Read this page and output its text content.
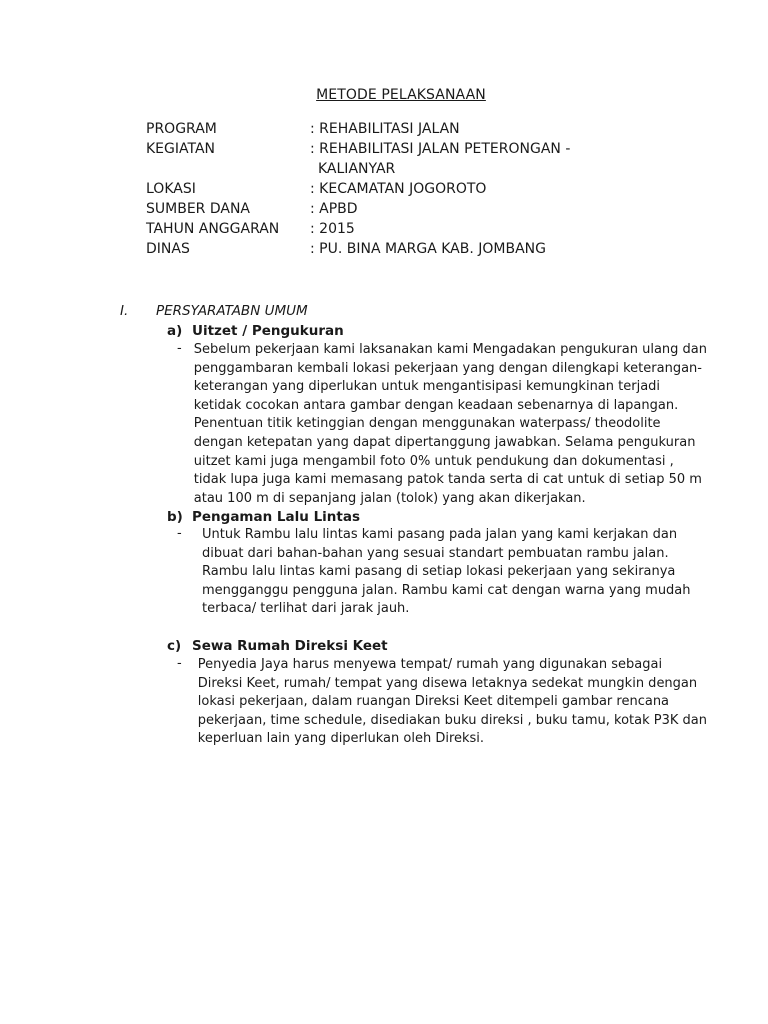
METODE PELAKSANAAN
PROGRAM	: REHABILITASI JALAN
KEGIATAN	: REHABILITASI JALAN PETERONGAN -
KALIANYAR
LOKASI	: KECAMATAN JOGOROTO
SUMBER DANA	: APBD
TAHUN ANGGARAN	: 2015
DINAS	: PU. BINA MARGA KAB. JOMBANG
I.	PERSYARATABN UMUM
a) Uitzet / Pengukuran
- Sebelum pekerjaan kami laksanakan kami Mengadakan pengukuran ulang dan
penggambaran kembali lokasi pekerjaan yang dengan dilengkapi keterangan-
keterangan yang diperlukan untuk mengantisipasi kemungkinan terjadi
ketidak cocokan antara gambar dengan keadaan sebenarnya di lapangan.
Penentuan titik ketinggian dengan menggunakan waterpass/ theodolite
dengan ketepatan yang dapat dipertanggung jawabkan. Selama pengukuran
uitzet kami juga mengambil foto 0% untuk pendukung dan dokumentasi ,
tidak lupa juga kami memasang patok tanda serta di cat untuk di setiap 50 m
atau 100 m di sepanjang jalan (tolok) yang akan dikerjakan.
b) Pengaman Lalu Lintas
-	Untuk Rambu lalu lintas kami pasang pada jalan yang kami kerjakan dan
dibuat dari bahan-bahan yang sesuai standart pembuatan rambu jalan.
Rambu lalu lintas kami pasang di setiap lokasi pekerjaan yang sekiranya
mengganggu pengguna jalan. Rambu kami cat dengan warna yang mudah
terbaca/ terlihat dari jarak jauh.
c) Sewa Rumah Direksi Keet
-	Penyedia Jaya harus menyewa tempat/ rumah yang digunakan sebagai
Direksi Keet, rumah/ tempat yang disewa letaknya sedekat mungkin dengan
lokasi pekerjaan, dalam ruangan Direksi Keet ditempeli gambar rencana
pekerjaan, time schedule, disediakan buku direksi , buku tamu, kotak P3K dan
keperluan lain yang diperlukan oleh Direksi.
